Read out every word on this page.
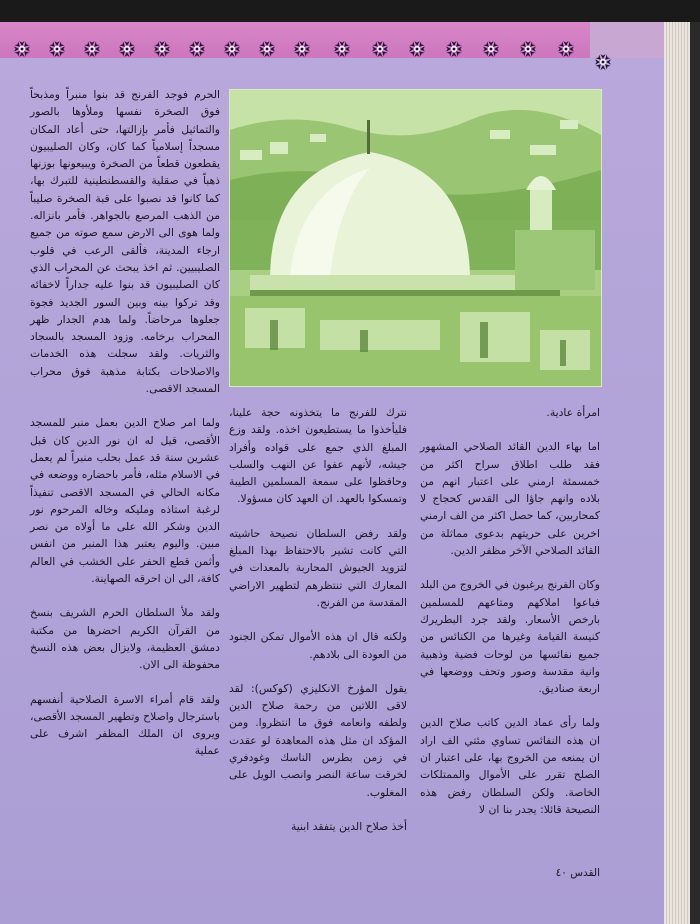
الحرم فوجد الفرنج قد بنوا منبراً ومذبحاً فوق الصخرة نفسها وملأوها بالصور والتماثيل فأمر بإزالتها، حتى أعاد المكان مسجداً إسلامياً كما كان، وكان الصليبيون يقطعون قطعاً من الصخرة ويبيعونها بوزنها ذهباً في صقلية والقسطنطينية للتبرك بها، كما كانوا قد نصبوا على قبة الصخرة صليباً من الذهب المرصع بالجواهر. فأمر بانزاله. ولما هوى الى الارض سمع صوته من جميع ارجاء المدينة، فألقى الرعب في قلوب الصليبيين. ثم اخذ يبحث عن المحراب الذي كان الصليبيون قد بنوا عليه جداراً لاخفائه وقد تركوا بينه وبين السور الجديد فجوة جعلوها مرحاضاً. ولما هدم الجدار ظهر المحراب برخامه. وزود المسجد بالسجاد والثريات. ولقد سجلت هذه الخدمات والاصلاحات بكتابة مذهبة فوق محراب المسجد الاقصى.

ولما امر صلاح الدين بعمل منبر للمسجد الأقصى، قيل له ان نور الدين كان قبل عشرين سنة قد عمل بحلب منبراً لم يعمل في الاسلام مثله، فأمر باحضاره ووضعه في مكانه الحالي في المسجد الاقصى تنفيذاً لرغبة استاذه ومليكه وخاله المرحوم نور الدين وشكر الله على ما أولاه من نصر مبين. واليوم يعتبر هذا المنبر من انفس وأثمن قطع الحفر على الخشب في العالم كافة، الى ان احرقه الصهاينة.

ولقد ملأ السلطان الحرم الشريف بنسخ من القرآن الكريم احضرها من مكتبة دمشق العظيمة، ولايزال بعض هذه النسخ محفوظة الى الان.

ولقد قام أمراء الاسرة الصلاحية أنفسهم باسترجال واصلاح وتطهير المسجد الأقصى، ويروى ان الملك المظفر اشرف على عملية

نترك للفرنج ما يتخذونه حجة علينا، فليأخذوا ما يستطيعون اخذه. ولقد وزع المبلغ الذي جمع على قواده وأفراد جيشه، لأنهم عفوا عن النهب والسلب وحافظوا على سمعة المسلمين الطيبة وتمسكوا بالعهد. ان العهد كان مسؤولا.

ولقد رفض السلطان نصيحة حاشيته التي كانت تشير بالاحتفاظ بهذا المبلغ لتزويد الجيوش المحاربة بالمعدات في المعارك التي تنتظرهم لتطهير الاراضي المقدسة من الفرنج.

ولكنه قال ان هذه الأموال تمكن الجنود من العودة الى بلادهم.

يقول المؤرخ الانكليزي (كوكس): لقد لاقى اللاتين من رحمة صلاح الدين ولطفه وانعامه فوق ما انتظروا. ومن المؤكد ان مثل هذه المعاهدة لو عقدت في زمن بطرس الناسك وغودفري لخرقت ساعة النصر وانصب الويل على المغلوب.

أخذ صلاح الدين يتفقد ابنية

امرأة عادية.

اما بهاء الدين القائد الصلاحي المشهور فقد طلب اطلاق سراح اكثر من خمسمئة ارمني على اعتبار انهم من بلاده وانهم جاؤا الى القدس كحجاج لا كمحاربين، كما حصل اكثر من الف ارمني اخرين على حريتهم بدعوى مماثلة من القائد الصلاحي الآخر مظفر الدين.

وكان الفرنج يرغبون في الخروج من البلد فباعوا املاكهم ومتاعهم للمسلمين بارخص الأسعار. ولقد جرد البطريرك كنيسة القيامة وغيرها من الكنائس من جميع نفائسها من لوحات فضية وذهبية وانية مقدسة وصور وتحف ووضعها في اربعة صناديق.

ولما رأى عماد الدين كاتب صلاح الدين ان هذه النفائس تساوي مئتي الف اراد ان يمنعه من الخروج بها، على اعتبار ان الصلح تقرر على الأموال والممتلكات الخاصة. ولكن السلطان رفض هذه النصيحة قائلا: يجدر بنا ان لا

القدس ٤٠
